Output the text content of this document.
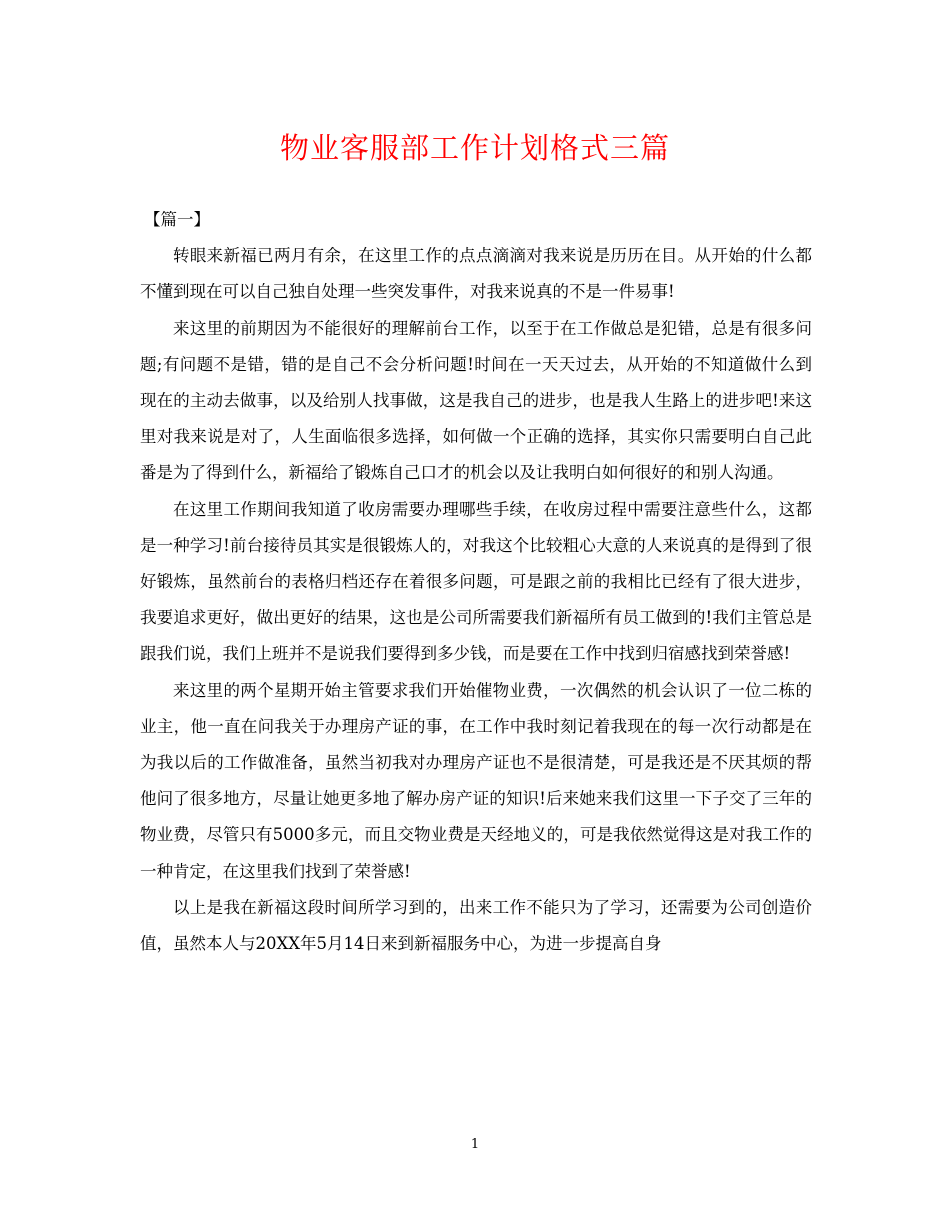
物业客服部工作计划格式三篇

【篇一】

转眼来新福已两月有余，在这里工作的点点滴滴对我来说是历历在目。从开始的什么都不懂到现在可以自己独自处理一些突发事件，对我来说真的不是一件易事!

来这里的前期因为不能很好的理解前台工作，以至于在工作做总是犯错，总是有很多问题;有问题不是错，错的是自己不会分析问题!时间在一天天过去，从开始的不知道做什么到现在的主动去做事，以及给别人找事做，这是我自己的进步，也是我人生路上的进步吧!来这里对我来说是对了，人生面临很多选择，如何做一个正确的选择，其实你只需要明白自己此番是为了得到什么，新福给了锻炼自己口才的机会以及让我明白如何很好的和别人沟通。

在这里工作期间我知道了收房需要办理哪些手续，在收房过程中需要注意些什么，这都是一种学习!前台接待员其实是很锻炼人的，对我这个比较粗心大意的人来说真的是得到了很好锻炼，虽然前台的表格归档还存在着很多问题，可是跟之前的我相比已经有了很大进步，我要追求更好，做出更好的结果，这也是公司所需要我们新福所有员工做到的!我们主管总是跟我们说，我们上班并不是说我们要得到多少钱，而是要在工作中找到归宿感找到荣誉感!

来这里的两个星期开始主管要求我们开始催物业费，一次偶然的机会认识了一位二栋的业主，他一直在问我关于办理房产证的事，在工作中我时刻记着我现在的每一次行动都是在为我以后的工作做准备，虽然当初我对办理房产证也不是很清楚，可是我还是不厌其烦的帮他问了很多地方，尽量让她更多地了解办房产证的知识!后来她来我们这里一下子交了三年的物业费，尽管只有5000多元，而且交物业费是天经地义的，可是我依然觉得这是对我工作的一种肯定，在这里我们找到了荣誉感!

以上是我在新福这段时间所学习到的，出来工作不能只为了学习，还需要为公司创造价值，虽然本人与20XX年5月14日来到新福服务中心，为进一步提高自身

1
